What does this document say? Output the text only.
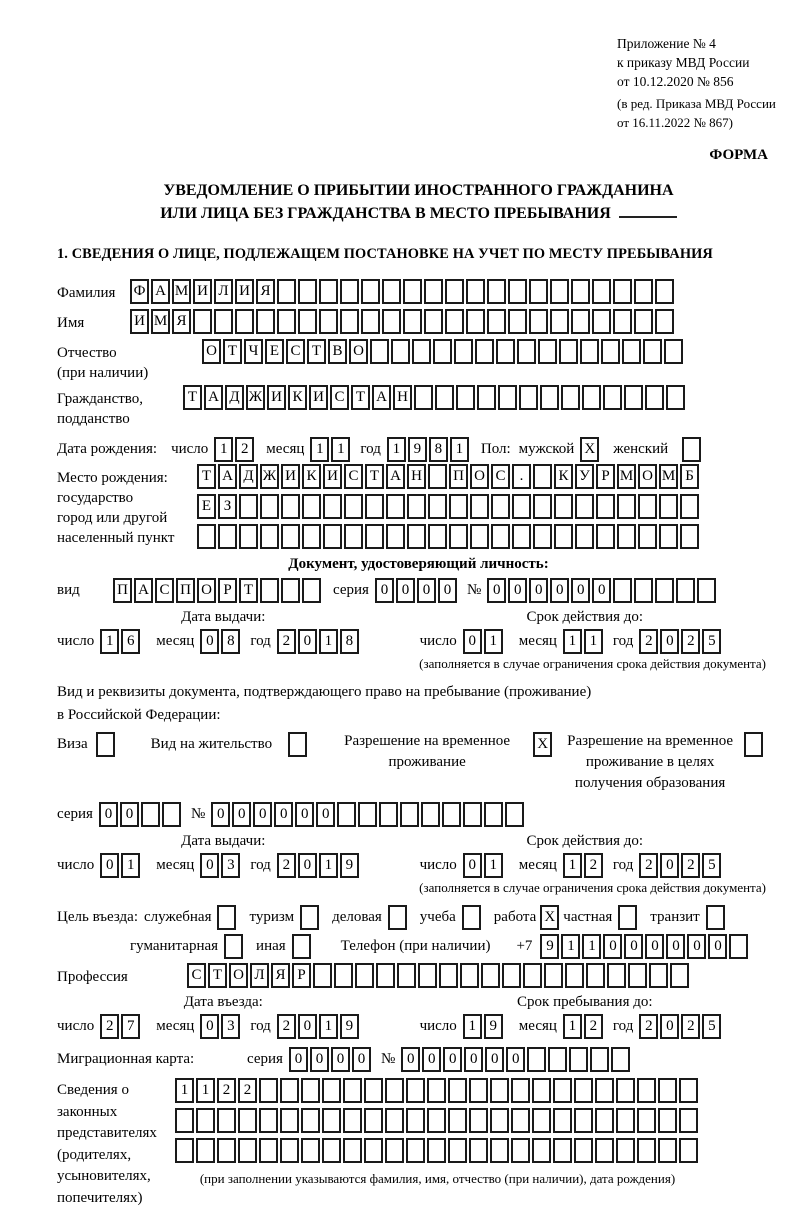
Приложение № 4
к приказу МВД России
от 10.12.2020 № 856
(в ред. Приказа МВД России
от 16.11.2022 № 867)
ФОРМА
УВЕДОМЛЕНИЕ О ПРИБЫТИИ ИНОСТРАННОГО ГРАЖДАНИНА
ИЛИ ЛИЦА БЕЗ ГРАЖДАНСТВА В МЕСТО ПРЕБЫВАНИЯ
1. СВЕДЕНИЯ О ЛИЦЕ, ПОДЛЕЖАЩЕМ ПОСТАНОВКЕ НА УЧЕТ ПО МЕСТУ ПРЕБЫВАНИЯ
Фамилия	Ф А М И Л И Я
Имя	И М Я
Отчество
(при наличии)
О Т Ч Е С Т В О
Гражданство,
подданство
Т А Д Ж И К И С Т А Н
Дата рождения: число 1 2	месяц 1 1	год 1 9 8 1	Пол: мужской X женский
Место рождения:
государство
город или другой
населенный пункт
Т А Д Ж И К И С Т А Н П О С .	К У Р М О М Б
Е З
Документ, удостоверяющий личность:
вид	П А С П О Р Т	серия 0 0 0 0	№ 0 0 0 0 0 0
Дата выдачи:
число 1 6	месяц 0 8	год 2 0 1 8
Срок действия до:
число 0 1	месяц 1 1	год 2 0 2 5
(заполняется в случае ограничения срока действия документа)
Вид и реквизиты документа, подтверждающего право на пребывание (проживание)
в Российской Федерации:
Виза	Вид на жительство	Разрешение на временное проживание
X Разрешение на временное проживание в целях получения образования
серия 0 0	№ 0 0 0 0 0 0
Дата выдачи:
число 0 1	месяц 0 3	год 2 0 1 9
Срок действия до:
число 0 1	месяц 1 2	год 2 0 2 5
(заполняется в случае ограничения срока действия документа)
Цель въезда: служебная	туризм	деловая	учеба	работа X частная	транзит
гуманитарная	иная	Телефон (при наличии) +7 9 1 1 0 0 0 0 0 0
Профессия	С Т О Л Я Р
Дата въезда:
число 2 7	месяц 0 3	год 2 0 1 9
Срок пребывания до:
число 1 9	месяц 1 2	год 2 0 2 5
Миграционная карта:	серия 0 0 0 0	№ 0 0 0 0 0 0
Сведения о
законных
представителях
(родителях,
усыновителях,
попечителях)
1 1 2 2
(при заполнении указываются фамилия, имя, отчество (при наличии), дата рождения)
